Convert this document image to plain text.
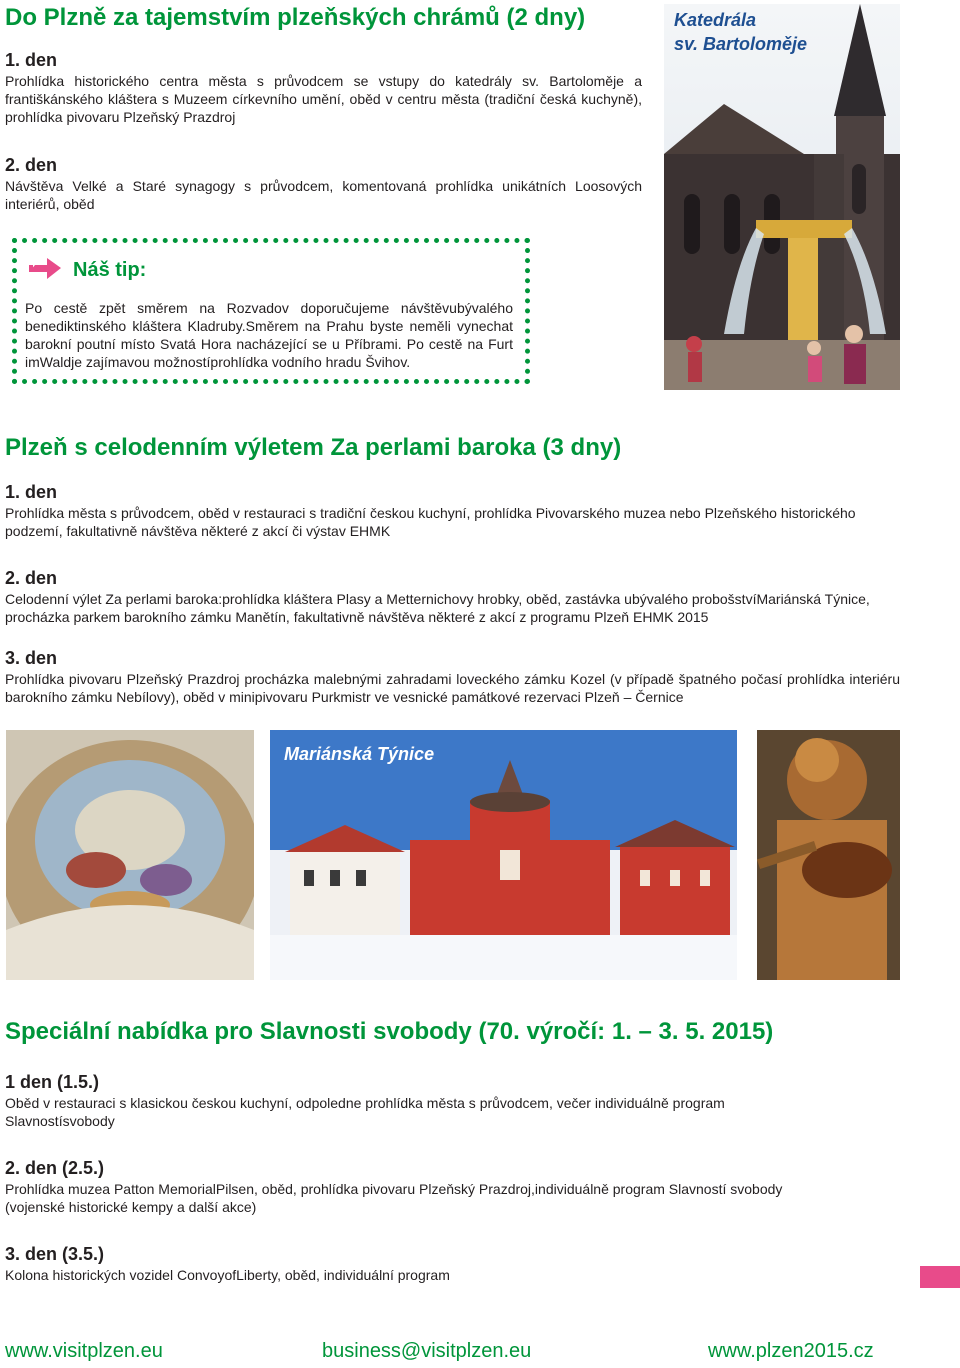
Do Plzně za tajemstvím plzeňských chrámů (2 dny)
1. den
Prohlídka historického centra města s průvodcem se vstupy do katedrály sv. Bartoloměje a františkánského kláštera s Muzeem církevního umění, oběd v centru města (tradiční česká kuchyně), prohlídka pivovaru Plzeňský Prazdroj
2. den
Návštěva Velké a Staré synagogy s průvodcem, komentovaná prohlídka unikátních Loosových interiérů, oběd
Katedrála
sv. Bartoloměje
Náš tip:
Po cestě zpět směrem na Rozvadov doporučujeme návštěvubývalého benediktinského kláštera Kladruby.Směrem na Prahu byste neměli vynechat barokní poutní místo Svatá Hora nacházející se u Příbrami. Po cestě na Furt imWaldje zajímavou možnostíprohlídka vodního hradu Švihov.
Plzeň s celodenním výletem Za perlami baroka (3 dny)
1. den
Prohlídka města s průvodcem, oběd v restauraci s tradiční českou kuchyní, prohlídka Pivovarského muzea nebo Plzeňského historického podzemí, fakultativně návštěva některé z akcí či výstav EHMK
2. den
Celodenní výlet Za perlami baroka:prohlídka kláštera Plasy a Metternichovy hrobky, oběd, zastávka ubývalého probošstvíMariánská Týnice, procházka parkem barokního zámku Manětín, fakultativně návštěva některé z akcí z programu Plzeň EHMK 2015
3. den
Prohlídka pivovaru Plzeňský Prazdroj procházka malebnými zahradami loveckého zámku Kozel (v případě špatného počasí prohlídka interiéru barokního zámku Nebílovy), oběd v minipivovaru Purkmistr ve vesnické památkové rezervaci Plzeň – Černice
Mariánská Týnice
Speciální nabídka pro Slavnosti svobody (70. výročí: 1. – 3. 5. 2015)
1 den (1.5.)
Oběd v restauraci s klasickou českou kuchyní, odpoledne prohlídka města s průvodcem, večer individuálně program Slavnostísvobody
2. den (2.5.)
Prohlídka muzea Patton MemorialPilsen, oběd, prohlídka pivovaru Plzeňský Prazdroj,individuálně program Slavností svobody (vojenské historické kempy a další akce)
3. den (3.5.)
Kolona historických vozidel ConvoyofLiberty, oběd, individuální program
www.visitplzen.eu	business@visitplzen.eu	www.plzen2015.cz
